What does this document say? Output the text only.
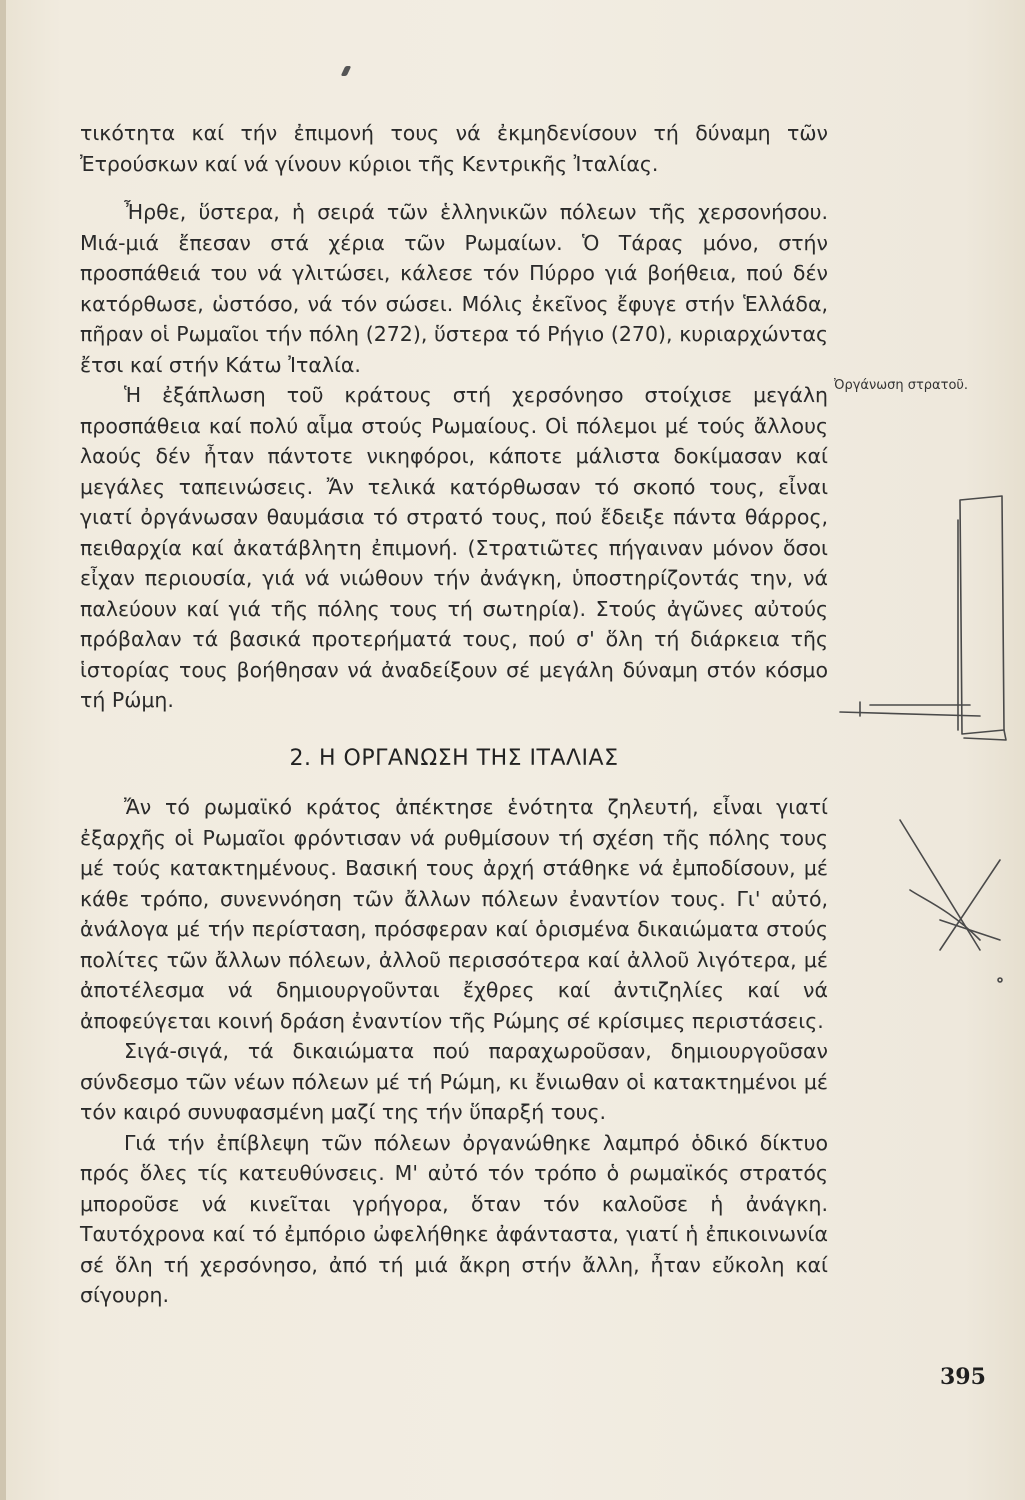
τικότητα καί τήν ἐπιμονή τους νά ἐκμηδενίσουν τή δύναμη τῶν Ἐτρούσκων καί νά γίνουν κύριοι τῆς Κεντρικῆς Ἰταλίας.

Ἦρθε, ὕστερα, ἡ σειρά τῶν ἑλληνικῶν πόλεων τῆς χερσονήσου. Μιά-μιά ἔπεσαν στά χέρια τῶν Ρωμαίων. Ὁ Τάρας μόνο, στήν προσπάθειά του νά γλιτώσει, κάλεσε τόν Πύρρο γιά βοήθεια, πού δέν κατόρθωσε, ὡστόσο, νά τόν σώσει. Μόλις ἐκεῖνος ἔφυγε στήν Ἑλλάδα, πῆραν οἱ Ρωμαῖοι τήν πόλη (272), ὕστερα τό Ρήγιο (270), κυριαρχώντας ἔτσι καί στήν Κάτω Ἰταλία.

Ἡ ἐξάπλωση τοῦ κράτους στή χερσόνησο στοίχισε μεγάλη προσπάθεια καί πολύ αἷμα στούς Ρωμαίους. Οἱ πόλεμοι μέ τούς ἄλλους λαούς δέν ἦταν πάντοτε νικηφόροι, κάποτε μάλιστα δοκίμασαν καί μεγάλες ταπεινώσεις. Ἄν τελικά κατόρθωσαν τό σκοπό τους, εἶναι γιατί ὀργάνωσαν θαυμάσια τό στρατό τους, πού ἔδειξε πάντα θάρρος, πειθαρχία καί ἀκατάβλητη ἐπιμονή. (Στρατιῶτες πήγαιναν μόνον ὅσοι εἶχαν περιουσία, γιά νά νιώθουν τήν ἀνάγκη, ὑποστηρίζοντάς την, νά παλεύουν καί γιά τῆς πόλης τους τή σωτηρία). Στούς ἀγῶνες αὐτούς πρόβαλαν τά βασικά προτερήματά τους, πού σ' ὅλη τή διάρκεια τῆς ἱστορίας τους βοήθησαν νά ἀναδείξουν σέ μεγάλη δύναμη στόν κόσμο τή Ρώμη.

2. Η ΟΡΓΑΝΩΣΗ ΤΗΣ ΙΤΑΛΙΑΣ

Ἄν τό ρωμαϊκό κράτος ἀπέκτησε ἑνότητα ζηλευτή, εἶναι γιατί ἐξαρχῆς οἱ Ρωμαῖοι φρόντισαν νά ρυθμίσουν τή σχέση τῆς πόλης τους μέ τούς κατακτημένους. Βασική τους ἀρχή στάθηκε νά ἐμποδίσουν, μέ κάθε τρόπο, συνεννόηση τῶν ἄλλων πόλεων ἐναντίον τους. Γι' αὐτό, ἀνάλογα μέ τήν περίσταση, πρόσφεραν καί ὁρισμένα δικαιώματα στούς πολίτες τῶν ἄλλων πόλεων, ἀλλοῦ περισσότερα καί ἀλλοῦ λιγότερα, μέ ἀποτέλεσμα νά δημιουργοῦνται ἔχθρες καί ἀντιζηλίες καί νά ἀποφεύγεται κοινή δράση ἐναντίον τῆς Ρώμης σέ κρίσιμες περιστάσεις.

Σιγά-σιγά, τά δικαιώματα πού παραχωροῦσαν, δημιουργοῦσαν σύνδεσμο τῶν νέων πόλεων μέ τή Ρώμη, κι ἔνιωθαν οἱ κατακτημένοι μέ τόν καιρό συνυφασμένη μαζί της τήν ὕπαρξή τους.

Γιά τήν ἐπίβλεψη τῶν πόλεων ὀργανώθηκε λαμπρό ὁδικό δίκτυο πρός ὅλες τίς κατευθύνσεις. Μ' αὐτό τόν τρόπο ὁ ρωμαϊκός στρατός μποροῦσε νά κινεῖται γρήγορα, ὅταν τόν καλοῦσε ἡ ἀνάγκη. Ταυτόχρονα καί τό ἐμπόριο ὠφελήθηκε ἀφάνταστα, γιατί ἡ ἐπικοινωνία σέ ὅλη τή χερσόνησο, ἀπό τή μιά ἄκρη στήν ἄλλη, ἦταν εὔκολη καί σίγουρη.

Ὀργάνωση στρατοῦ.
395
